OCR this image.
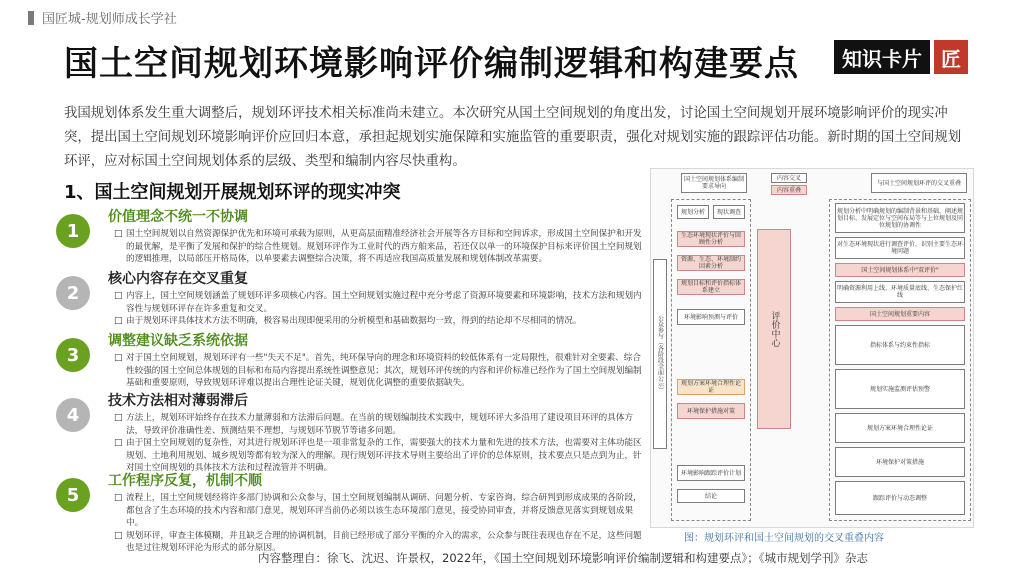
国匠城-规划师成长学社
国土空间规划环境影响评价编制逻辑和构建要点	知识卡片 匠
我国规划体系发生重大调整后，规划环评技术相关标准尚未建立。本次研究从国土空间规划的角度出发，讨论国土空间规划开展环境影响评价的现实冲突，提出国土空间规划环境影响评价应回归本意，承担起规划实施保障和实施监管的重要职责，强化对规划实施的跟踪评估功能。新时期的国土空间规划环评，应对标国土空间规划体系的层级、类型和编制内容尽快重构。
1、国土空间规划开展规划环评的现实冲突
1
价值理念不统一不协调
□ 国土空间规划以自然资源保护优先和环境可承载为原则，从更高层面精准经济社会开展等各方目标和空间诉求，形成国土空间保护和开发的最优解，是平衡了发展和保护的综合性规划。规划环评作为工业时代的西方舶来品，若还仅以单一的环境保护目标来评价国土空间规划的逻辑推理，以局部压开格局体，以单要素去调整综合决策，将不再适应我国高质量发展和规划体制改革需要。
2
核心内容存在交叉重复
□ 内容上，国土空间规划涵盖了规划环评多项核心内容。国土空间规划实施过程中充分考虑了资源环境要素和环境影响，技术方法和规划内容性与规划环评存在许多重复和交叉。
□ 由于规划环评具体技术方法不明确，极容易出现即便采用的分析模型和基础数据均一致，得到的结论却不尽相同的情况。
3
调整建议缺乏系统依据
□ 对于国土空间规划，规划环评有一些"失天不足"。首先，纯环保导向的理念和环境资料的较低体系有一定局限性，很难针对全要素、综合性较强的国土空间总体规划的目标和布局内容提出系统性调整意见；其次，规划环评传统的内容和评价标准已经作为了国土空间规划编制基础和重要原则，导致规划环评难以提出合理性论证关键，规划优化调整的重要依据缺失。
4
技术方法相对薄弱滞后
□ 方法上，规划环评始终存在技术力量薄弱和方法滞后问题。在当前的规划编制技术实践中，规划环评大多沿用了建设项目环评的具体方法，导致评价准确性差、预测结果不理想，与规划环节脱节等诸多问题。
□ 由于国土空间规划的复杂性，对其进行规划环评也是一项非常复杂的工作，需要强大的技术力量和先进的技术方法，也需要对主体功能区规划、土地利用规划、城乡规划等都有较为深入的理解。现行规划环评技术导则主要给出了评价的总体原则，技术要点只是点到为止，针对国土空间规划的具体技术方法和过程流管并不明确。
5
工作程序反复，机制不顺
□ 流程上，国土空间规划经将许多部门协调和公众参与，国土空间规划编制从调研、问题分析、专家咨询、综合研判到形成成果的各阶段，都包含了生态环境的技术内容和部门意见，规划环评当前仍必须以该生态环境部门意见，接受协同审查，并将反馈意见落实到规划成果中。
□ 规划环评，审查主体模糊，并且缺乏合理的协调机制，目前已经形成了部分平衡的介入的需求，公众参与既往表现也存在不足，这些问题也是过往规划环评沦为形式的部分原因。
国土空间规划体系编制要求导向
内容交叉
内容重叠
与国土空间规划环评的交叉重叠
公众参与（各阶段全面公示）
规划分析	现状调查
生态环境现状评价与回顾性分析
资源、生态、环境制约因素分析
规划目标和评价指标体系建立
环境影响预测与评价
规划方案环境合理性论证
环境保护措施对策
环境影响跟踪评价计划
结论
评价中心
规划分析中明确规划的编制背景和基础，阐述规划目标、发展定位与空间布局等与上位规划及同位规划的协调性
对生态环境现状进行调查评价，识别主要生态环境问题
国土空间规划体系中"双评价"
明确资源利用上线、环境质量底线、生态保护红线
国土空间规划重要内容
指标体系与约束性指标
规划实施监测评估预警
规划方案环境合理性论证
环境保护对策措施
跟踪评价与动态调整
图：规划环评和国土空间规划的交叉重叠内容
内容整理自：徐飞、沈迟、许景权，2022年，《国土空间规划环境影响评价编制逻辑和构建要点》；《城市规划学刊》杂志
